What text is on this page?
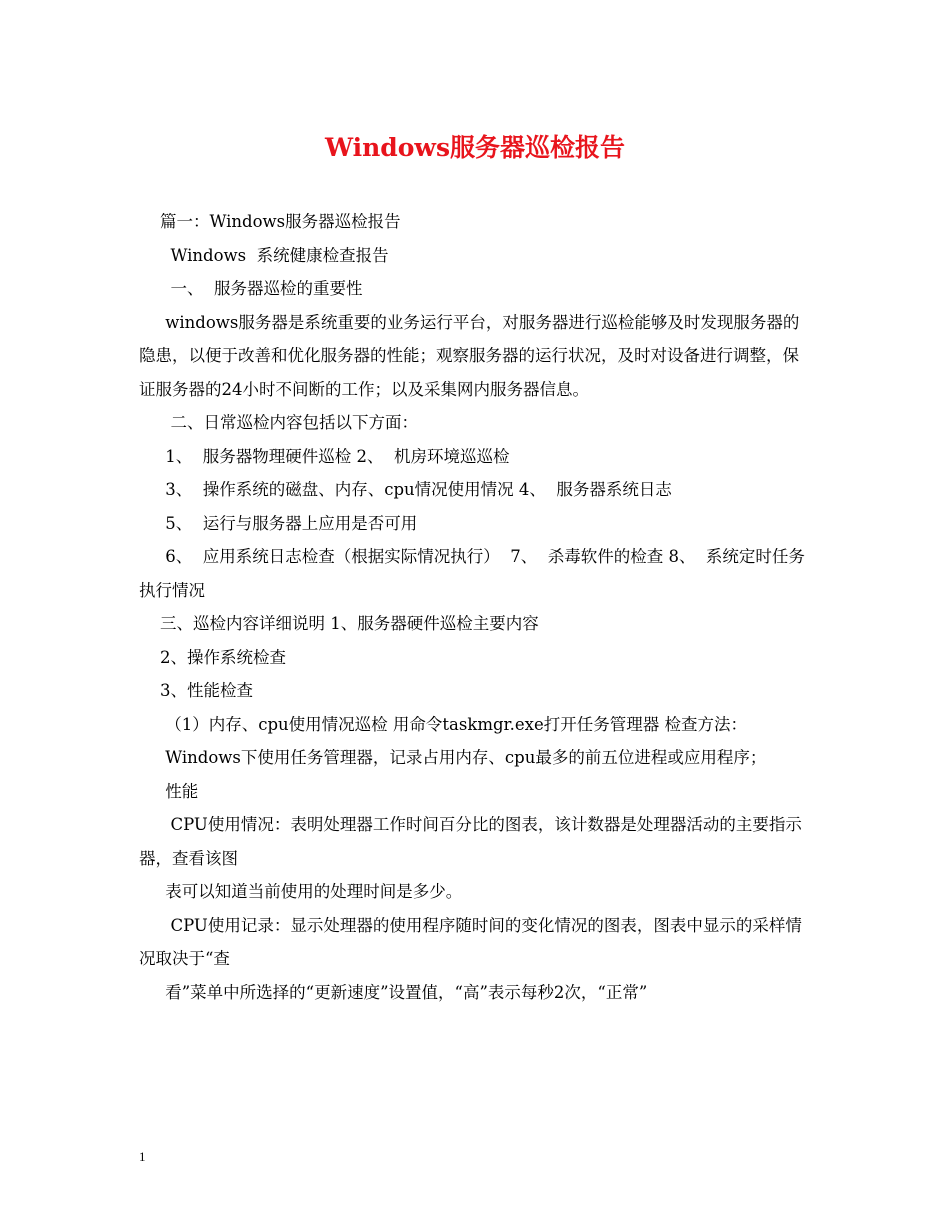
Windows服务器巡检报告

篇一：Windows服务器巡检报告

Windows  系统健康检查报告

一、  服务器巡检的重要性

windows服务器是系统重要的业务运行平台，对服务器进行巡检能够及时发现服务器的隐患，以便于改善和优化服务器的性能；观察服务器的运行状况，及时对设备进行调整，保证服务器的24小时不间断的工作；以及采集网内服务器信息。

二、日常巡检内容包括以下方面：

1、  服务器物理硬件巡检 2、  机房环境巡巡检

3、  操作系统的磁盘、内存、cpu情况使用情况 4、  服务器系统日志

5、  运行与服务器上应用是否可用

6、  应用系统日志检查（根据实际情况执行）  7、  杀毒软件的检查 8、  系统定时任务执行情况

三、巡检内容详细说明 1、服务器硬件巡检主要内容

2、操作系统检查

3、性能检查

（1）内存、cpu使用情况巡检 用命令taskmgr.exe打开任务管理器 检查方法：

Windows下使用任务管理器，记录占用内存、cpu最多的前五位进程或应用程序；

性能

CPU使用情况：表明处理器工作时间百分比的图表，该计数器是处理器活动的主要指示器，查看该图

表可以知道当前使用的处理时间是多少。

CPU使用记录：显示处理器的使用程序随时间的变化情况的图表，图表中显示的采样情况取决于“查

看”菜单中所选择的“更新速度”设置值，“高”表示每秒2次，“正常”

1
